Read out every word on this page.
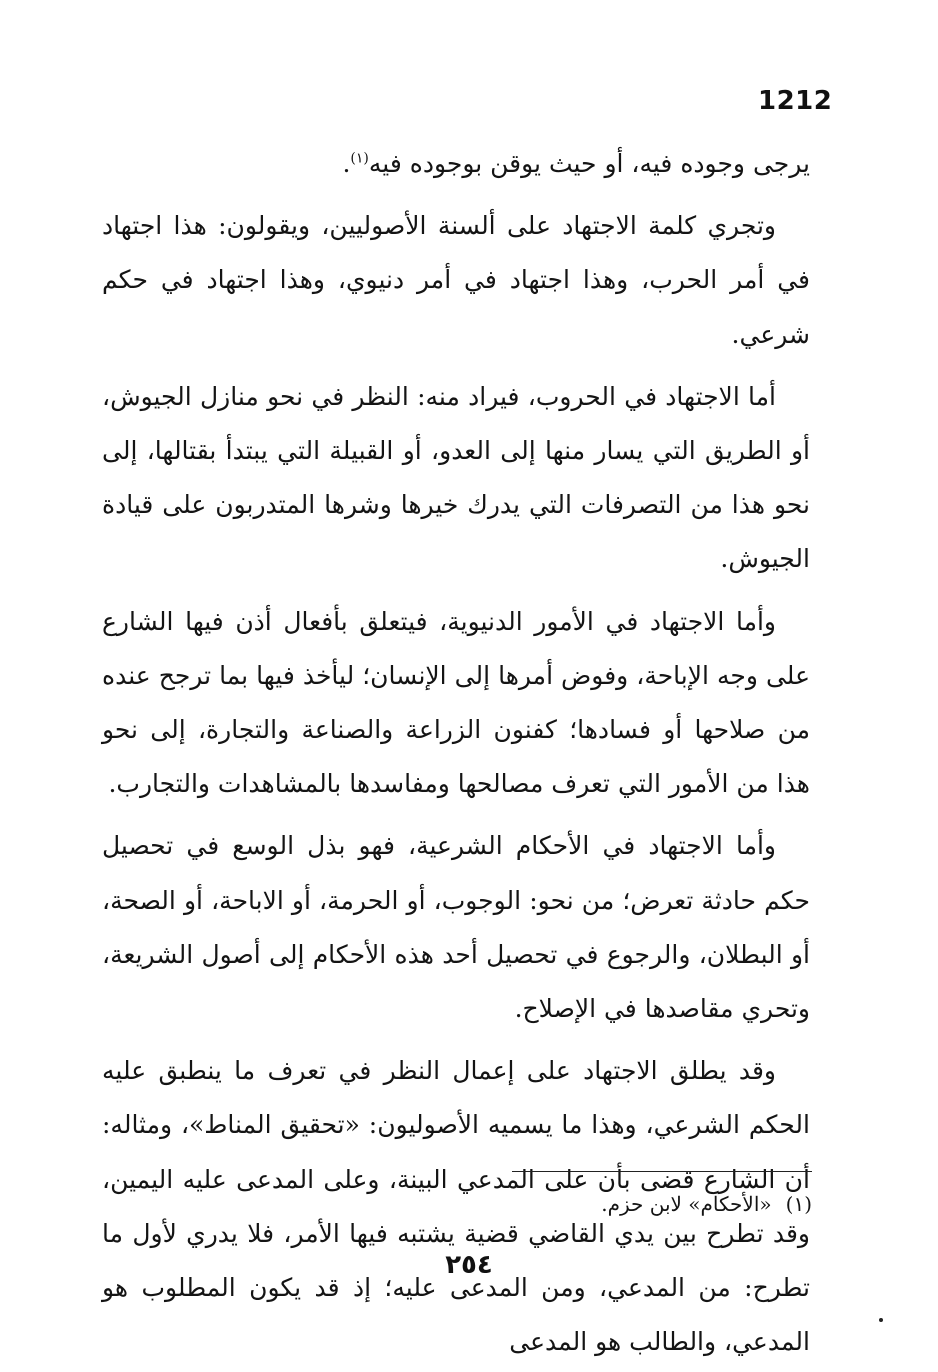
1212

يرجى وجوده فيه، أو حيث يوقن بوجوده فيه$^{(١)}$.

وتجري كلمة الاجتهاد على ألسنة الأصوليين، ويقولون: هذا اجتهاد في أمر الحرب، وهذا اجتهاد في أمر دنيوي، وهذا اجتهاد في حكم شرعي.

أما الاجتهاد في الحروب، فيراد منه: النظر في نحو منازل الجيوش، أو الطريق التي يسار منها إلى العدو، أو القبيلة التي يبتدأ بقتالها، إلى نحو هذا من التصرفات التي يدرك خيرها وشرها المتدربون على قيادة الجيوش.

وأما الاجتهاد في الأمور الدنيوية، فيتعلق بأفعال أذن فيها الشارع على وجه الإباحة، وفوض أمرها إلى الإنسان؛ ليأخذ فيها بما ترجح عنده من صلاحها أو فسادها؛ كفنون الزراعة والصناعة والتجارة، إلى نحو هذا من الأمور التي تعرف مصالحها ومفاسدها بالمشاهدات والتجارب.

وأما الاجتهاد في الأحكام الشرعية، فهو بذل الوسع في تحصيل حكم حادثة تعرض؛ من نحو: الوجوب، أو الحرمة، أو الاباحة، أو الصحة، أو البطلان، والرجوع في تحصيل أحد هذه الأحكام إلى أصول الشريعة، وتحري مقاصدها في الإصلاح.

وقد يطلق الاجتهاد على إعمال النظر في تعرف ما ينطبق عليه الحكم الشرعي، وهذا ما يسميه الأصوليون: «تحقيق المناط»، ومثاله: أن الشارع قضى بأن على المدعي البينة، وعلى المدعى عليه اليمين، وقد تطرح بين يدي القاضي قضية يشتبه فيها الأمر، فلا يدري لأول ما تطرح: من المدعي، ومن المدعى عليه؛ إذ قد يكون المطلوب هو المدعي، والطالب هو المدعى

(١)«الأحكام» لابن حزم.
٢٥٤
